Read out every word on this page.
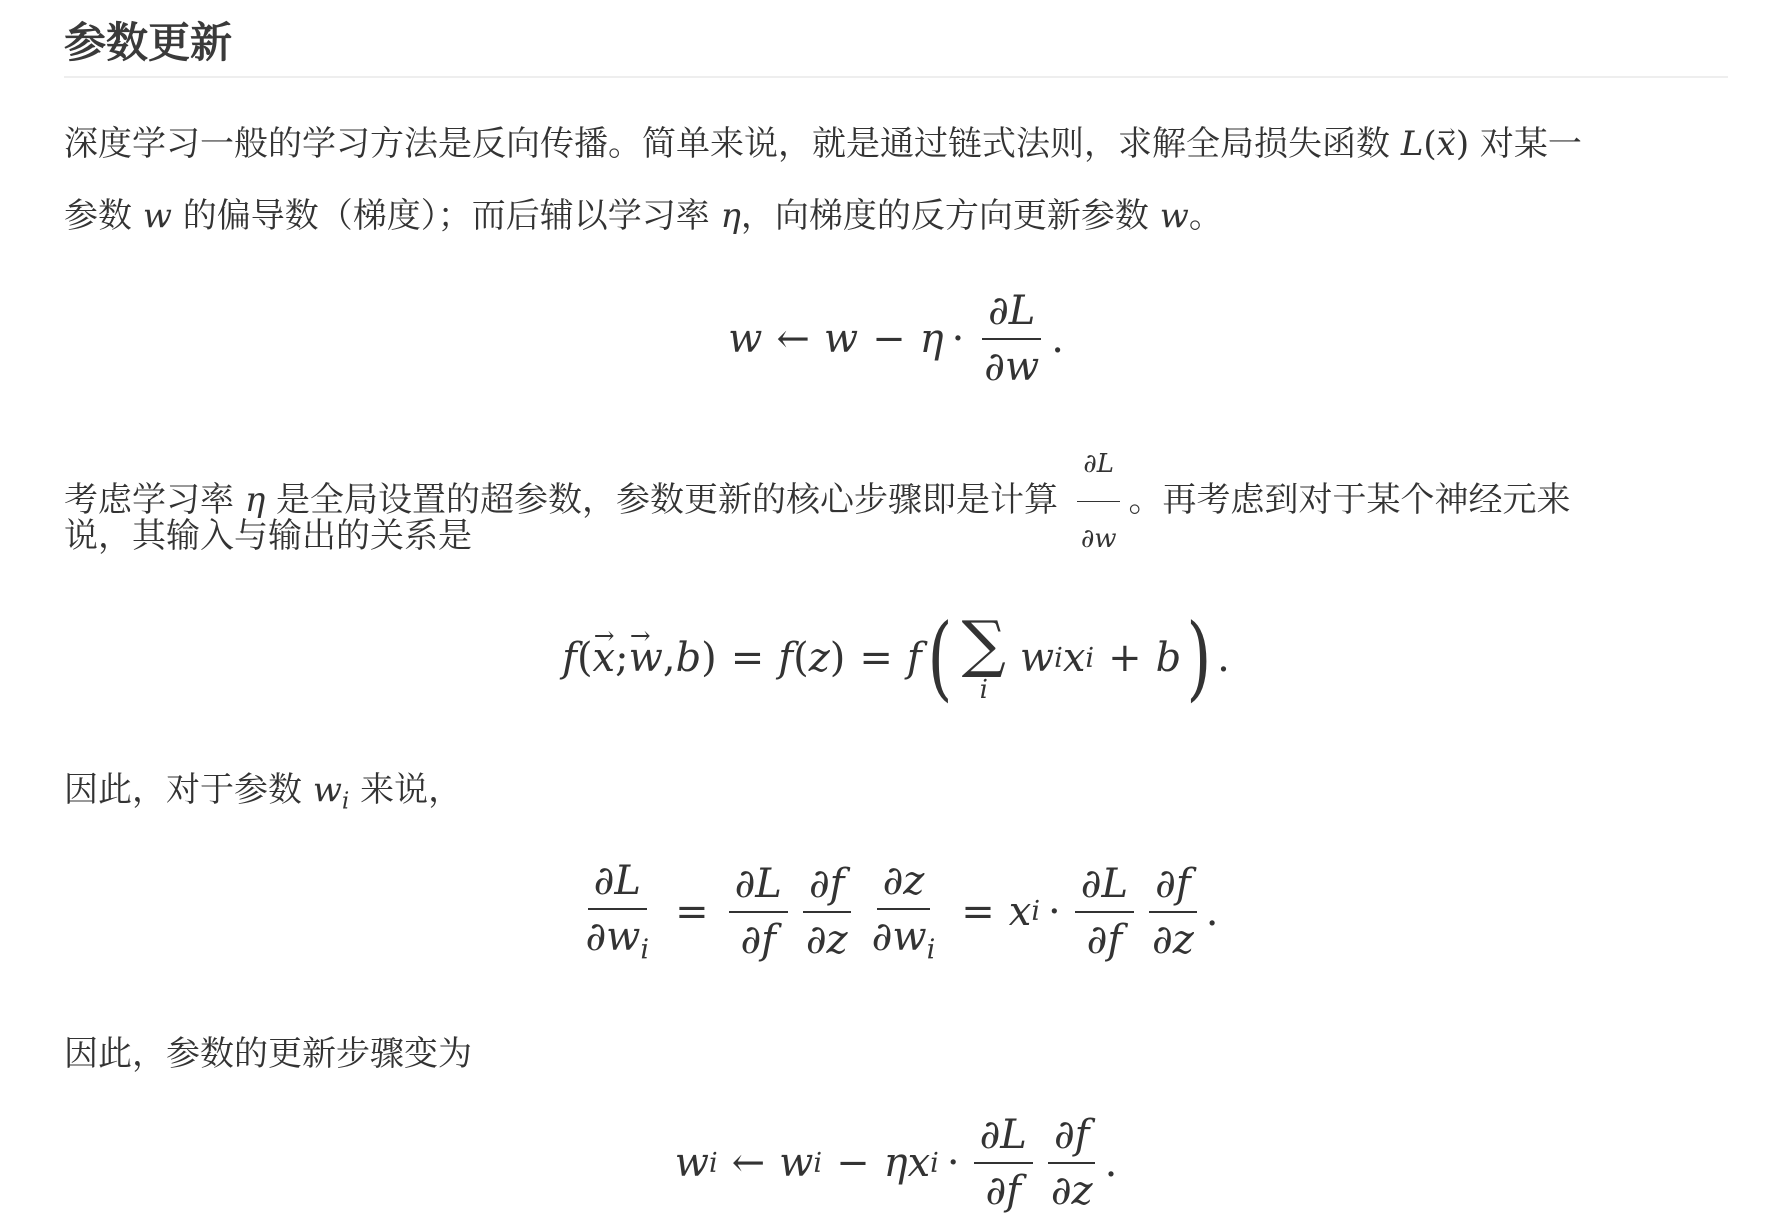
参数更新
深度学习一般的学习方法是反向传播。简单来说，就是通过链式法则，求解全局损失函数 L(→ x) 对某一
参数 w 的偏导数（梯度）；而后辅以学习率 η，向梯度的反方向更新参数 w。
w ← $w - \eta \cdot \frac{\partial L}{\partial w}$ .
考虑学习率 η 是全局设置的超参数，参数更新的核心步骤即是计算 $\frac{\partial L}{\partial w}$ 。再考虑到对于某个神经元来
说，其输入与输出的关系是
f ( → x ; → w , b ) = f ( z ) = f ( ∑
i
w i x i + b ) .
因此，对于参数 $w_i$ 来说，
$\frac{\partial L}{\partial w_i} = \frac{\partial L}{\partial f} \frac{\partial f}{\partial z} \frac{\partial z}{\partial w_i} = x$ $i \cdot \frac{\partial L}{\partial f} \frac{\partial f}{\partial z}$ .
因此，参数的更新步骤变为
w i ← w i − η x $i \cdot \frac{\partial L}{\partial f} \frac{\partial f}{\partial z}$ .
